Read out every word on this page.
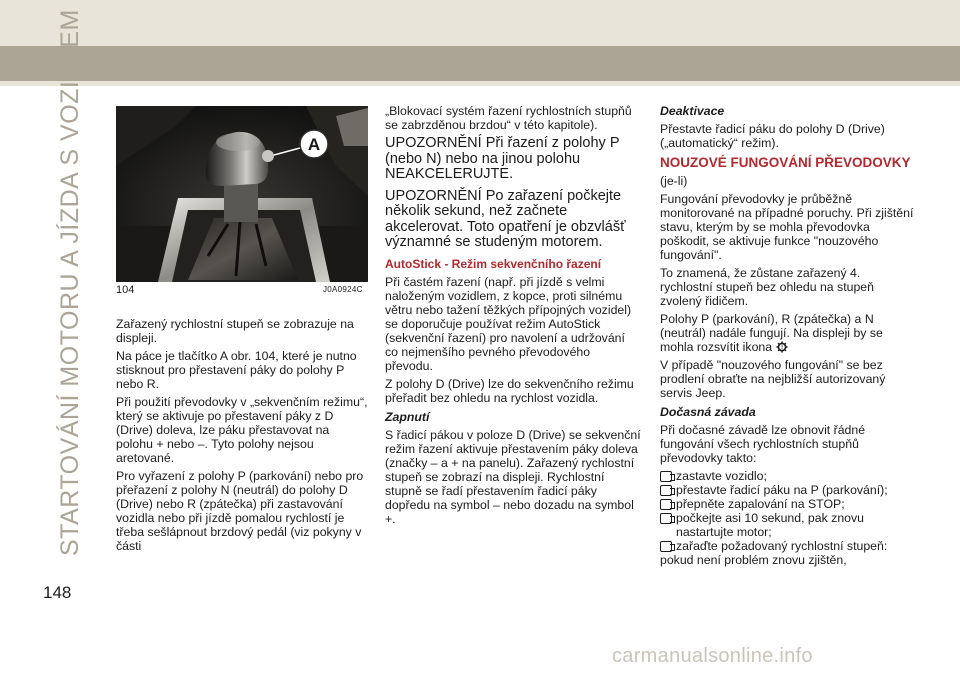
STARTOVÁNÍ MOTORU A JÍZDA S VOZIDLEM
148
A
104	J0A0924C

Zařazený rychlostní stupeň se zobrazuje na displeji.

Na páce je tlačítko A obr. 104, které je nutno stisknout pro přestavení páky do polohy P nebo R.

Při použití převodovky v „sekvenčním režimu“, který se aktivuje po přestavení páky z D (Drive) doleva, lze páku přestavovat na polohu + nebo –. Tyto polohy nejsou aretované.

Pro vyřazení z polohy P (parkování) nebo pro přeřazení z polohy N (neutrál) do polohy D (Drive) nebo R (zpátečka) při zastavování vozidla nebo při jízdě pomalou rychlostí je třeba sešlápnout brzdový pedál (viz pokyny v části

„Blokovací systém řazení rychlostních stupňů se zabrzděnou brzdou“ v této kapitole).

UPOZORNĚNÍ Při řazení z polohy P (nebo N) nebo na jinou polohu NEAKCELERUJTE.

UPOZORNĚNÍ Po zařazení počkejte několik sekund, než začnete akcelerovat. Toto opatření je obzvlášť významné se studeným motorem.

AutoStick - Režim sekvenčního řazení

Při častém řazení (např. při jízdě s velmi naloženým vozidlem, z kopce, proti silnému větru nebo tažení těžkých přípojných vozidel) se doporučuje používat režim AutoStick (sekvenční řazení) pro navolení a udržování co nejmenšího pevného převodového převodu.

Z polohy D (Drive) lze do sekvenčního režimu přeřadit bez ohledu na rychlost vozidla.

Zapnutí

S řadicí pákou v poloze D (Drive) se sekvenční režim řazení aktivuje přestavením páky doleva (značky – a + na panelu). Zařazený rychlostní stupeň se zobrazí na displeji. Rychlostní stupně se řadí přestavením řadicí páky dopředu na symbol – nebo dozadu na symbol +.

Deaktivace

Přestavte řadicí páku do polohy D (Drive) („automatický“ režim).

NOUZOVÉ FUNGOVÁNÍ PŘEVODOVKY

(je-li)

Fungování převodovky je průběžně monitorované na případné poruchy. Při zjištění stavu, kterým by se mohla převodovka poškodit, se aktivuje funkce "nouzového fungování".

To znamená, že zůstane zařazený 4. rychlostní stupeň bez ohledu na stupeň zvolený řidičem.

Polohy P (parkování), R (zpátečka) a N (neutrál) nadále fungují. Na displeji by se mohla rozsvítit ikona !

V případě "nouzového fungování" se bez prodlení obraťte na nejbližší autorizovaný servis Jeep.

Dočasná závada

Při dočasné závadě lze obnovit řádné fungování všech rychlostních stupňů převodovky takto:

zastavte vozidlo;

přestavte řadicí páku na P (parkování);

přepněte zapalování na STOP;

počkejte asi 10 sekund, pak znovu nastartujte motor;

zařaďte požadovaný rychlostní stupeň:

pokud není problém znovu zjištěn,

carmanualsonline.info
